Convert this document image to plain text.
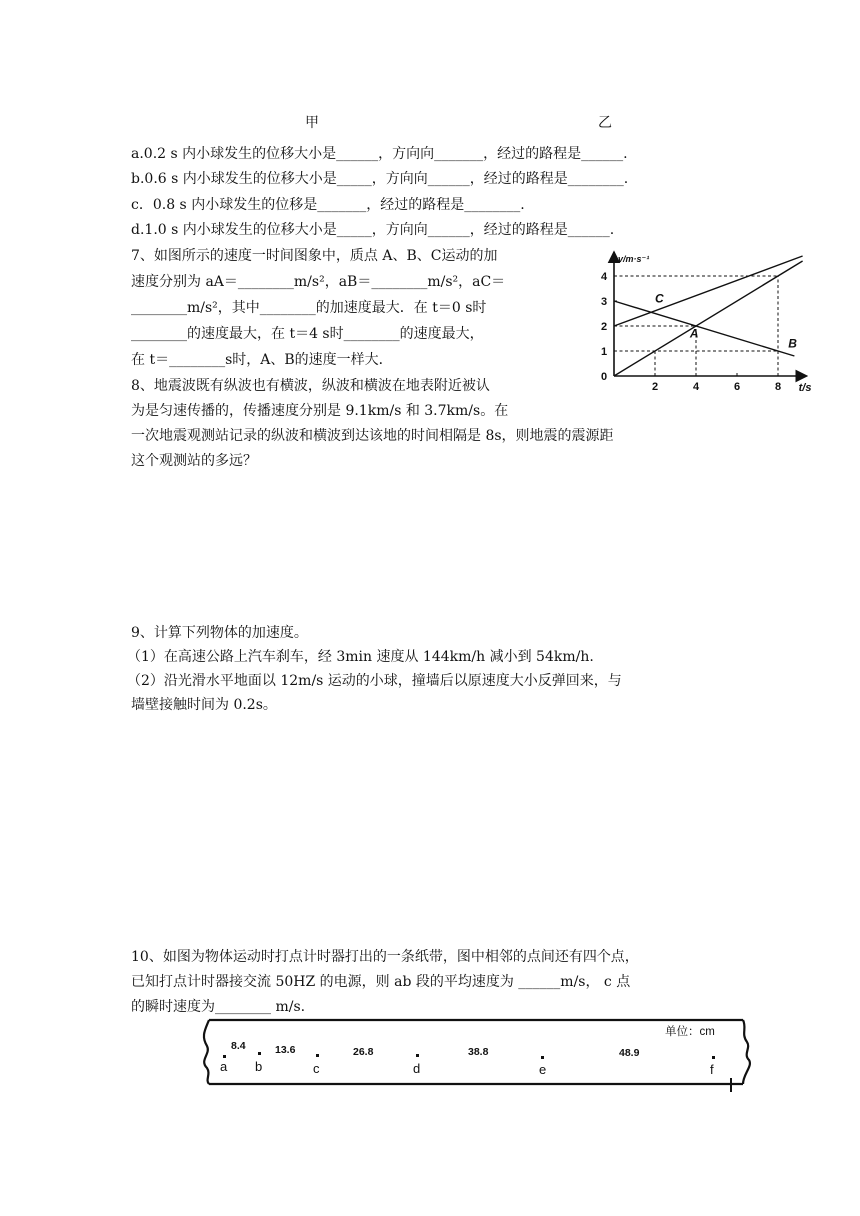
甲	乙
a.0.2 s 内小球发生的位移大小是______，方向向_______，经过的路程是______.
b.0.6 s 内小球发生的位移大小是_____，方向向______，经过的路程是________.
c．0.8 s 内小球发生的位移是_______，经过的路程是________.
d.1.0 s 内小球发生的位移大小是_____，方向向______，经过的路程是______.
7、如图所示的速度一时间图象中，质点 A、B、C运动的加
速度分别为 aA＝________m/s²，aB＝________m/s²，aC＝
________m/s²，其中________的加速度最大．在 t＝0 s时
________的速度最大，在 t＝4 s时________的速度最大，
在 t＝________s时，A、B的速度一样大．
v/m·s⁻¹
t/s
0
2	4	6	8
1
2
3
4
C
A
B
8、地震波既有纵波也有横波，纵波和横波在地表附近被认
为是匀速传播的，传播速度分别是 9.1km/s 和 3.7km/s。在
一次地震观测站记录的纵波和横波到达该地的时间相隔是 8s，则地震的震源距
这个观测站的多远？
9、计算下列物体的加速度。
（1）在高速公路上汽车刹车，经 3min 速度从 144km/h 减小到 54km/h.
（2）沿光滑水平地面以 12m/s 运动的小球，撞墙后以原速度大小反弹回来，与
墙壁接触时间为 0.2s。
10、如图为物体运动时打点计时器打出的一条纸带，图中相邻的点间还有四个点，
已知打点计时器接交流 50HZ 的电源，则 ab 段的平均速度为 ______m/s， c 点
的瞬时速度为________ m/s.
单位：cm
8.4	13.6	26.8	38.8	48.9
a b	c	d	e	f
